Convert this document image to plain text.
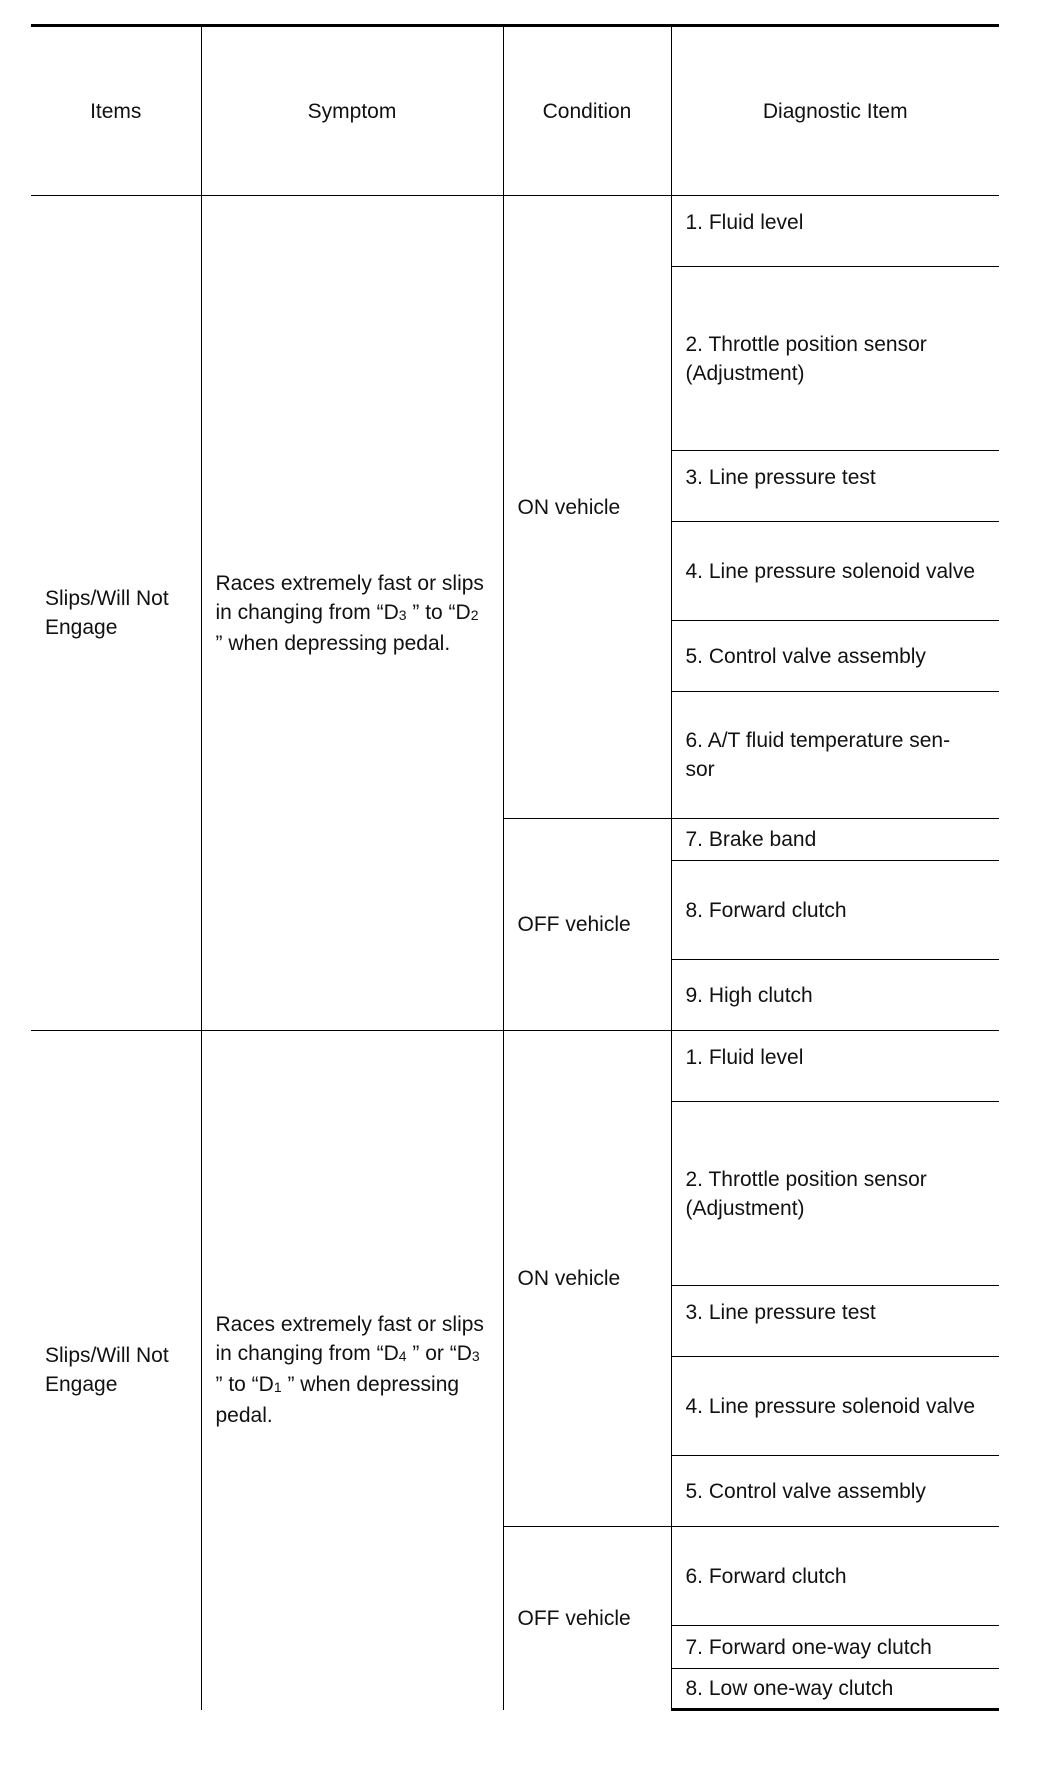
Items	Symptom	Condition	Diagnostic Item
Slips/Will Not Engage	Races extremely fast or slips in changing from “$D_3$ ” to “$D_2$ ” when depressing pedal.	ON vehicle	1. Fluid level
			2. Throttle position sensor (Adjustment)
			3. Line pressure test
			4. Line pressure solenoid valve
			5. Control valve assembly
			6. A/T fluid temperature sen- sor
		OFF vehicle	7. Brake band
			8. Forward clutch
			9. High clutch
Slips/Will Not Engage	Races extremely fast or slips in changing from “$D_4$ ” or “$D_3$ ” to “$D_1$ ” when depressing pedal.	ON vehicle	1. Fluid level
			2. Throttle position sensor (Adjustment)
			3. Line pressure test
			4. Line pressure solenoid valve
			5. Control valve assembly
		OFF vehicle	6. Forward clutch
			7. Forward one-way clutch
			8. Low one-way clutch
